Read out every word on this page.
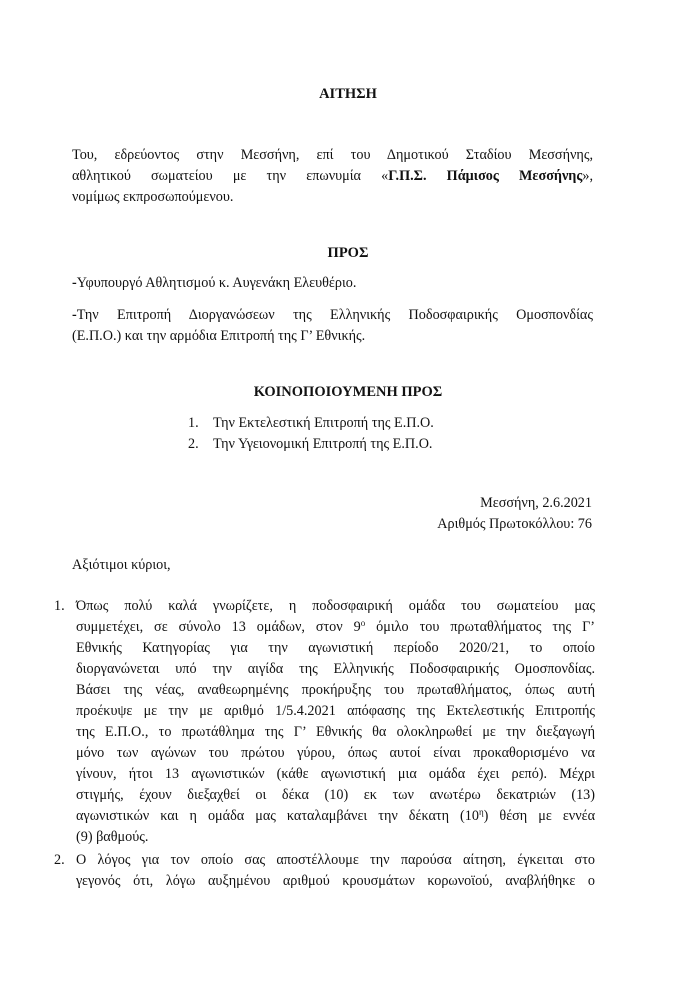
ΑΙΤΗΣΗ
Του, εδρεύοντος στην Μεσσήνη, επί του Δημοτικού Σταδίου Μεσσήνης,
αθλητικού σωματείου με την επωνυμία «Γ.Π.Σ. Πάμισος Μεσσήνης»,
νομίμως εκπροσωπούμενου.
ΠΡΟΣ
-Υφυπουργό Αθλητισμού κ. Αυγενάκη Ελευθέριο.
-Την Επιτροπή Διοργανώσεων της Ελληνικής Ποδοσφαιρικής Ομοσπονδίας
(Ε.Π.Ο.) και την αρμόδια Επιτροπή της Γ’ Εθνικής.
ΚΟΙΝΟΠΟΙΟΥΜΕΝΗ ΠΡΟΣ
1. Την Εκτελεστική Επιτροπή της Ε.Π.Ο.
2. Την Υγειονομική Επιτροπή της Ε.Π.Ο.
Μεσσήνη, 2.6.2021
Αριθμός Πρωτοκόλλου: 76
Αξιότιμοι κύριοι,
1. Όπως πολύ καλά γνωρίζετε, η ποδοσφαιρική ομάδα του σωματείου μας
συμμετέχει, σε σύνολο 13 ομάδων, στον $9^o$ όμιλο του πρωταθλήματος της Γ’
Εθνικής Κατηγορίας για την αγωνιστική περίοδο 2020/21, το οποίο
διοργανώνεται υπό την αιγίδα της Ελληνικής Ποδοσφαιρικής Ομοσπονδίας.
Βάσει της νέας, αναθεωρημένης προκήρυξης του πρωταθλήματος, όπως αυτή
προέκυψε με την με αριθμό 1/5.4.2021 απόφασης της Εκτελεστικής Επιτροπής
της Ε.Π.Ο., το πρωτάθλημα της Γ’ Εθνικής θα ολοκληρωθεί με την διεξαγωγή
μόνο των αγώνων του πρώτου γύρου, όπως αυτοί είναι προκαθορισμένο να
γίνουν, ήτοι 13 αγωνιστικών (κάθε αγωνιστική μια ομάδα έχει ρεπό). Μέχρι
στιγμής, έχουν διεξαχθεί οι δέκα (10) εκ των ανωτέρω δεκατριών (13)
αγωνιστικών και η ομάδα μας καταλαμβάνει την δέκατη $(10^\eta)$ θέση με εννέα
(9) βαθμούς.
2. Ο λόγος για τον οποίο σας αποστέλλουμε την παρούσα αίτηση, έγκειται στο
γεγονός ότι, λόγω αυξημένου αριθμού κρουσμάτων κορωνοϊού, αναβλήθηκε ο
